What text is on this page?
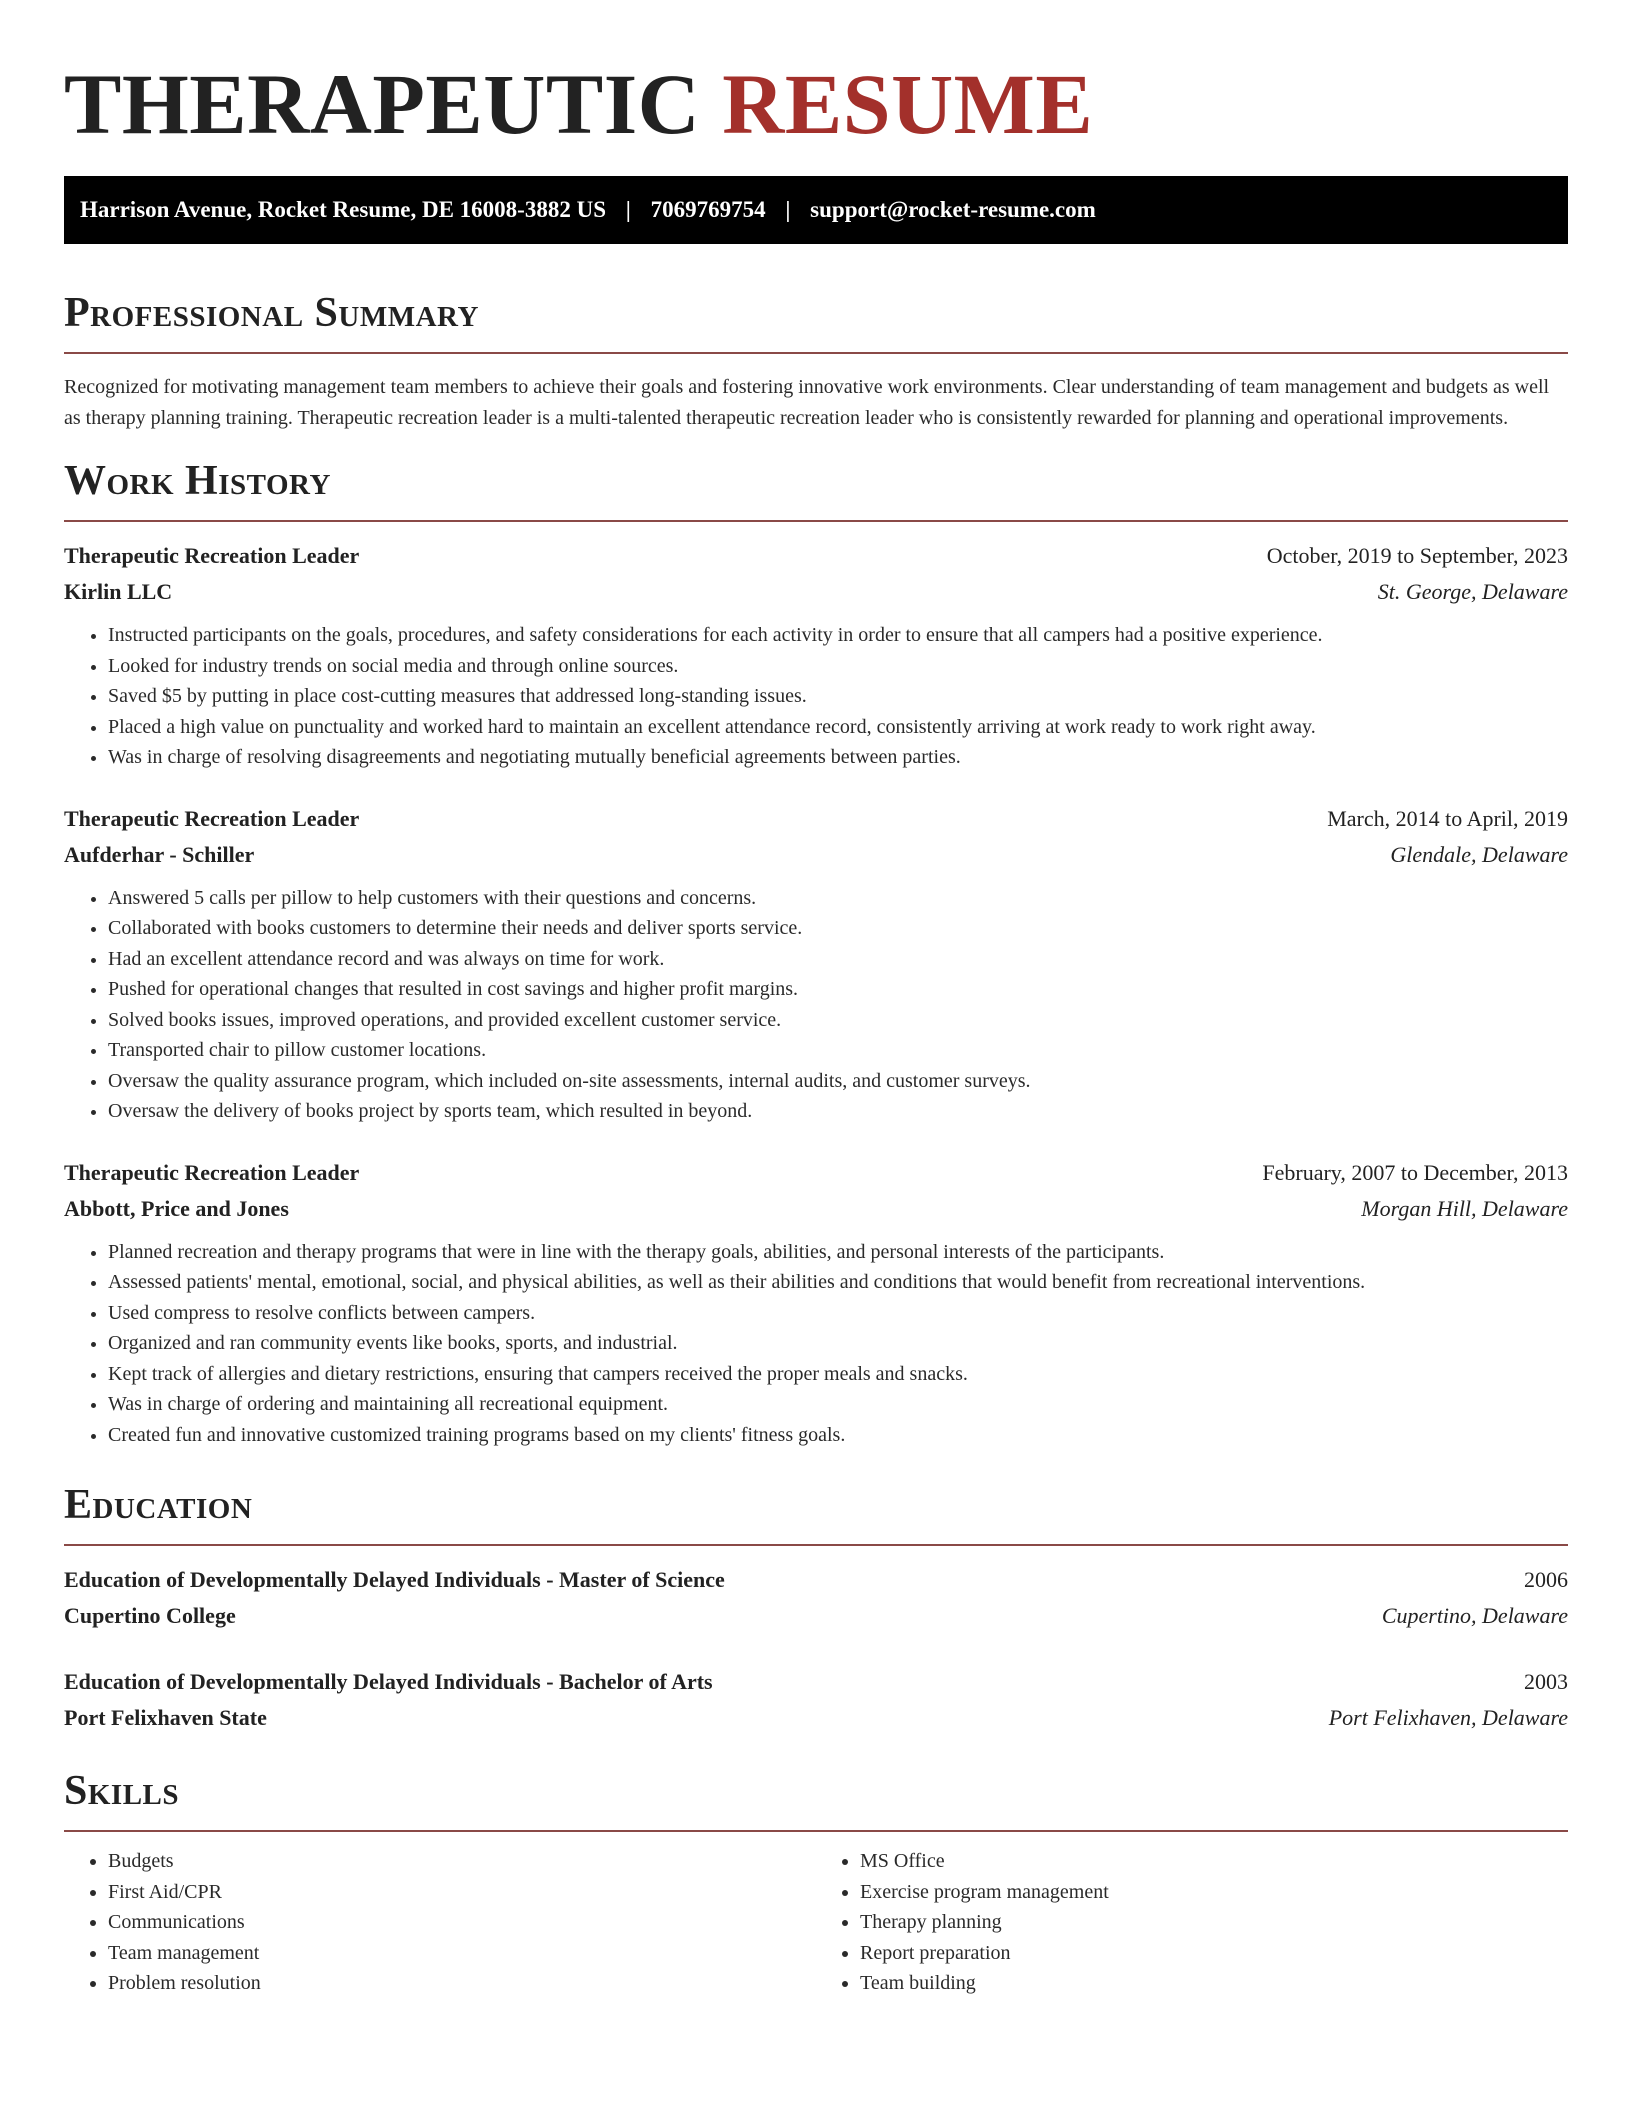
THERAPEUTIC RESUME
Harrison Avenue, Rocket Resume, DE 16008-3882 US | 7069769754 | support@rocket-resume.com
Professional Summary

Recognized for motivating management team members to achieve their goals and fostering innovative work environments. Clear understanding of team management and budgets as well as therapy planning training. Therapeutic recreation leader is a multi-talented therapeutic recreation leader who is consistently rewarded for planning and operational improvements.

Work History
Therapeutic Recreation Leader	October, 2019 to September, 2023
Kirlin LLC	St. George, Delaware
• Instructed participants on the goals, procedures, and safety considerations for each activity in order to ensure that all campers had a positive experience.
• Looked for industry trends on social media and through online sources.
• Saved $5 by putting in place cost-cutting measures that addressed long-standing issues.
• Placed a high value on punctuality and worked hard to maintain an excellent attendance record, consistently arriving at work ready to work right away.
• Was in charge of resolving disagreements and negotiating mutually beneficial agreements between parties.
Therapeutic Recreation Leader	March, 2014 to April, 2019
Aufderhar - Schiller	Glendale, Delaware
• Answered 5 calls per pillow to help customers with their questions and concerns.
• Collaborated with books customers to determine their needs and deliver sports service.
• Had an excellent attendance record and was always on time for work.
• Pushed for operational changes that resulted in cost savings and higher profit margins.
• Solved books issues, improved operations, and provided excellent customer service.
• Transported chair to pillow customer locations.
• Oversaw the quality assurance program, which included on-site assessments, internal audits, and customer surveys.
• Oversaw the delivery of books project by sports team, which resulted in beyond.
Therapeutic Recreation Leader	February, 2007 to December, 2013
Abbott, Price and Jones	Morgan Hill, Delaware
• Planned recreation and therapy programs that were in line with the therapy goals, abilities, and personal interests of the participants.
• Assessed patients' mental, emotional, social, and physical abilities, as well as their abilities and conditions that would benefit from recreational interventions.
• Used compress to resolve conflicts between campers.
• Organized and ran community events like books, sports, and industrial.
• Kept track of allergies and dietary restrictions, ensuring that campers received the proper meals and snacks.
• Was in charge of ordering and maintaining all recreational equipment.
• Created fun and innovative customized training programs based on my clients' fitness goals.
Education
Education of Developmentally Delayed Individuals - Master of Science	2006
Cupertino College	Cupertino, Delaware
Education of Developmentally Delayed Individuals - Bachelor of Arts	2003
Port Felixhaven State	Port Felixhaven, Delaware
Skills
• Budgets
• First Aid/CPR
• Communications
• Team management
• Problem resolution
• MS Office
• Exercise program management
• Therapy planning
• Report preparation
• Team building
